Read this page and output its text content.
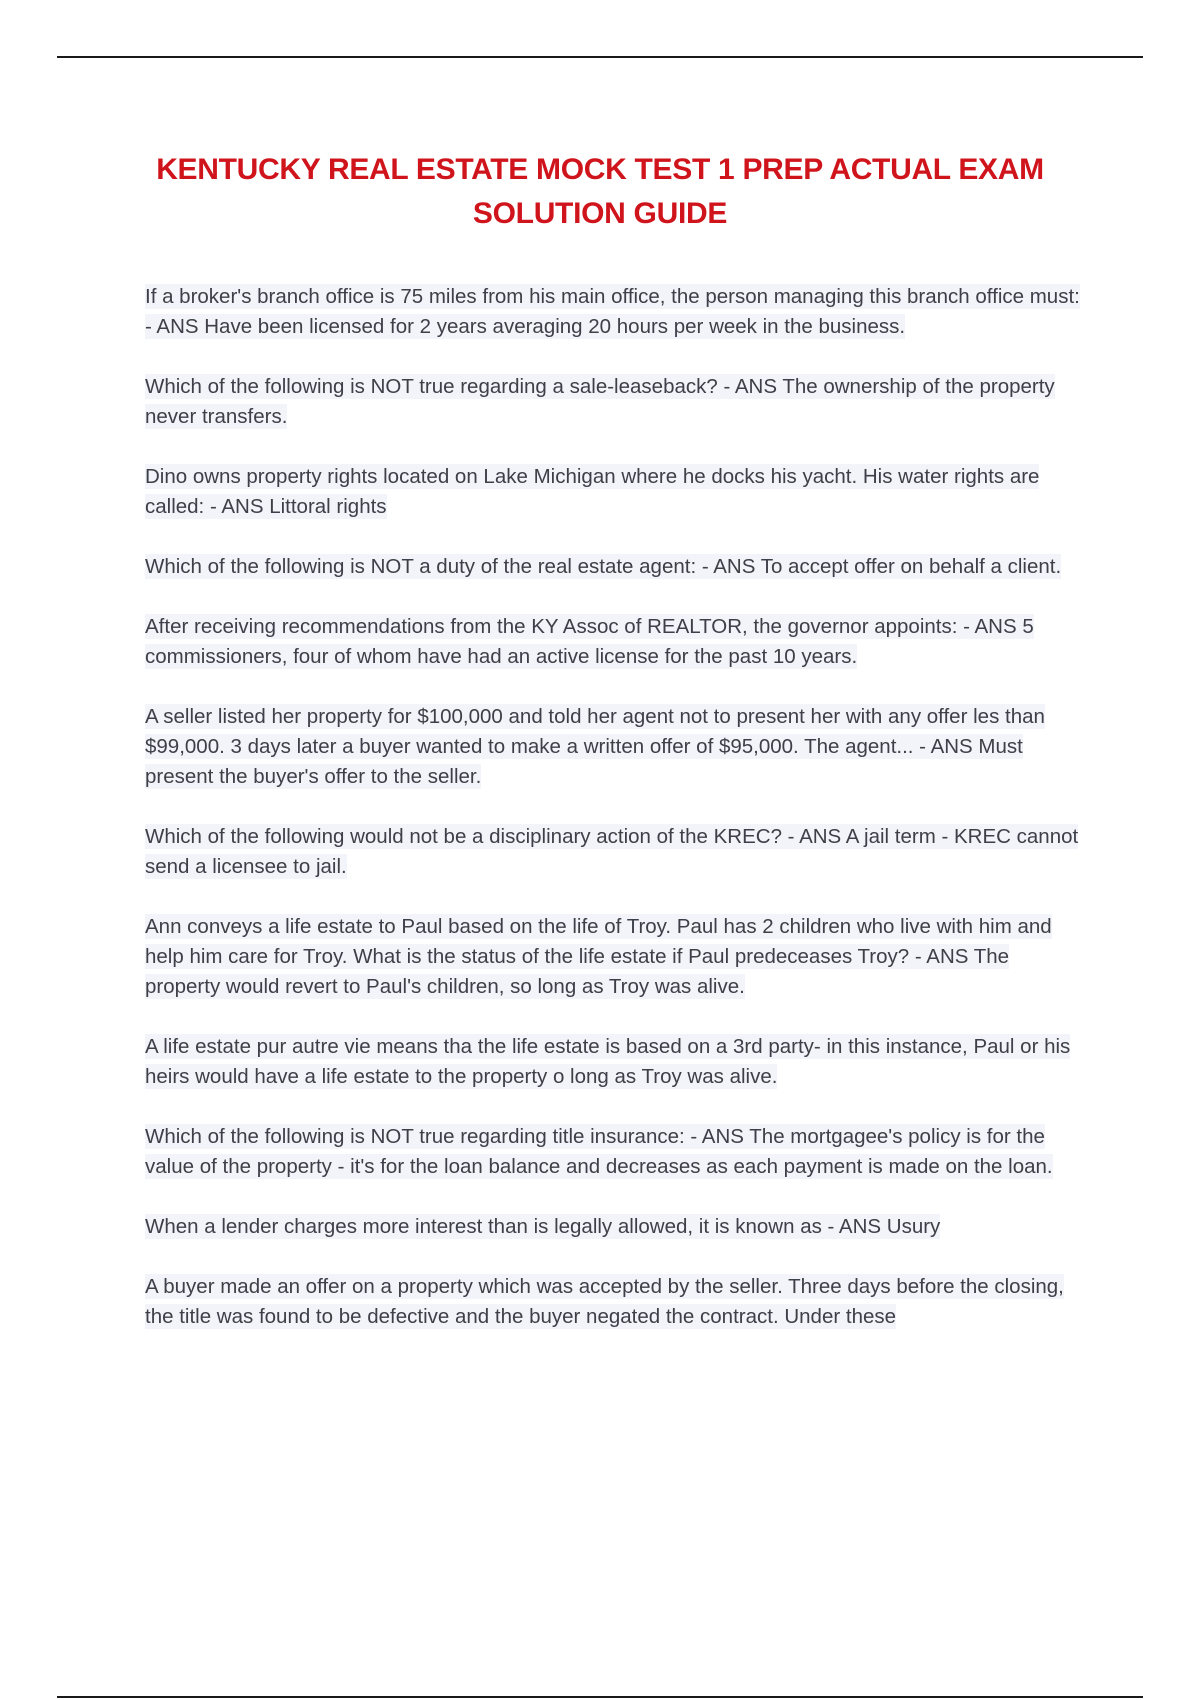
KENTUCKY REAL ESTATE MOCK TEST 1 PREP ACTUAL EXAM SOLUTION GUIDE

If a broker's branch office is 75 miles from his main office, the person managing this branch office must: - ANS Have been licensed for 2 years averaging 20 hours per week in the business.

Which of the following is NOT true regarding a sale-leaseback? - ANS The ownership of the property never transfers.

Dino owns property rights located on Lake Michigan where he docks his yacht. His water rights are called: - ANS Littoral rights

Which of the following is NOT a duty of the real estate agent: - ANS To accept offer on behalf a client.

After receiving recommendations from the KY Assoc of REALTOR, the governor appoints: - ANS 5 commissioners, four of whom have had an active license for the past 10 years.

A seller listed her property for $100,000 and told her agent not to present her with any offer les than $99,000. 3 days later a buyer wanted to make a written offer of $95,000. The agent... - ANS Must present the buyer's offer to the seller.

Which of the following would not be a disciplinary action of the KREC? - ANS A jail term - KREC cannot send a licensee to jail.

Ann conveys a life estate to Paul based on the life of Troy. Paul has 2 children who live with him and help him care for Troy. What is the status of the life estate if Paul predeceases Troy? - ANS The property would revert to Paul's children, so long as Troy was alive.

A life estate pur autre vie means tha the life estate is based on a 3rd party- in this instance, Paul or his heirs would have a life estate to the property o long as Troy was alive.

Which of the following is NOT true regarding title insurance: - ANS The mortgagee's policy is for the value of the property - it's for the loan balance and decreases as each payment is made on the loan.

When a lender charges more interest than is legally allowed, it is known as - ANS Usury

A buyer made an offer on a property which was accepted by the seller. Three days before the closing, the title was found to be defective and the buyer negated the contract. Under these
